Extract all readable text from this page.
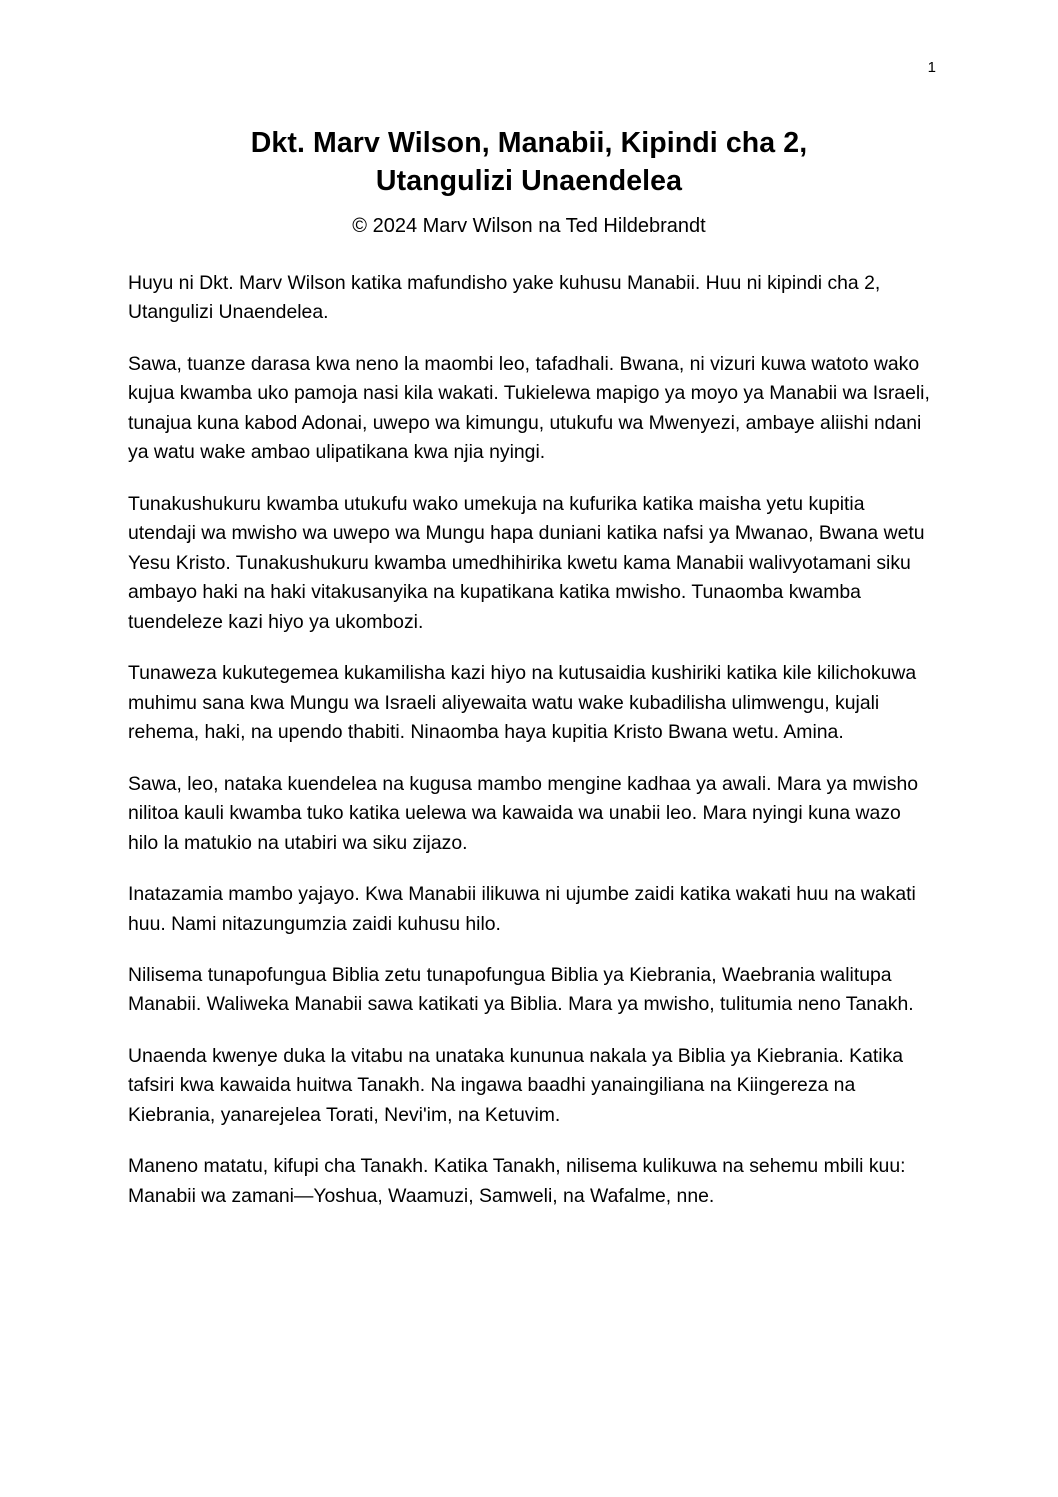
1
Dkt. Marv Wilson, Manabii, Kipindi cha 2,
Utangulizi Unaendelea
© 2024 Marv Wilson na Ted Hildebrandt

Huyu ni Dkt. Marv Wilson katika mafundisho yake kuhusu Manabii. Huu ni kipindi cha 2, Utangulizi Unaendelea.

Sawa, tuanze darasa kwa neno la maombi leo, tafadhali. Bwana, ni vizuri kuwa watoto wako kujua kwamba uko pamoja nasi kila wakati. Tukielewa mapigo ya moyo ya Manabii wa Israeli, tunajua kuna kabod Adonai, uwepo wa kimungu, utukufu wa Mwenyezi, ambaye aliishi ndani ya watu wake ambao ulipatikana kwa njia nyingi.

Tunakushukuru kwamba utukufu wako umekuja na kufurika katika maisha yetu kupitia utendaji wa mwisho wa uwepo wa Mungu hapa duniani katika nafsi ya Mwanao, Bwana wetu Yesu Kristo. Tunakushukuru kwamba umedhihirika kwetu kama Manabii walivyotamani siku ambayo haki na haki vitakusanyika na kupatikana katika mwisho. Tunaomba kwamba tuendeleze kazi hiyo ya ukombozi.

Tunaweza kukutegemea kukamilisha kazi hiyo na kutusaidia kushiriki katika kile kilichokuwa muhimu sana kwa Mungu wa Israeli aliyewaita watu wake kubadilisha ulimwengu, kujali rehema, haki, na upendo thabiti. Ninaomba haya kupitia Kristo Bwana wetu. Amina.

Sawa, leo, nataka kuendelea na kugusa mambo mengine kadhaa ya awali. Mara ya mwisho nilitoa kauli kwamba tuko katika uelewa wa kawaida wa unabii leo. Mara nyingi kuna wazo hilo la matukio na utabiri wa siku zijazo.

Inatazamia mambo yajayo. Kwa Manabii ilikuwa ni ujumbe zaidi katika wakati huu na wakati huu. Nami nitazungumzia zaidi kuhusu hilo.

Nilisema tunapofungua Biblia zetu tunapofungua Biblia ya Kiebrania, Waebrania walitupa Manabii. Waliweka Manabii sawa katikati ya Biblia. Mara ya mwisho, tulitumia neno Tanakh.

Unaenda kwenye duka la vitabu na unataka kununua nakala ya Biblia ya Kiebrania. Katika tafsiri kwa kawaida huitwa Tanakh. Na ingawa baadhi yanaingiliana na Kiingereza na Kiebrania, yanarejelea Torati, Nevi'im, na Ketuvim.

Maneno matatu, kifupi cha Tanakh. Katika Tanakh, nilisema kulikuwa na sehemu mbili kuu: Manabii wa zamani—Yoshua, Waamuzi, Samweli, na Wafalme, nne.
